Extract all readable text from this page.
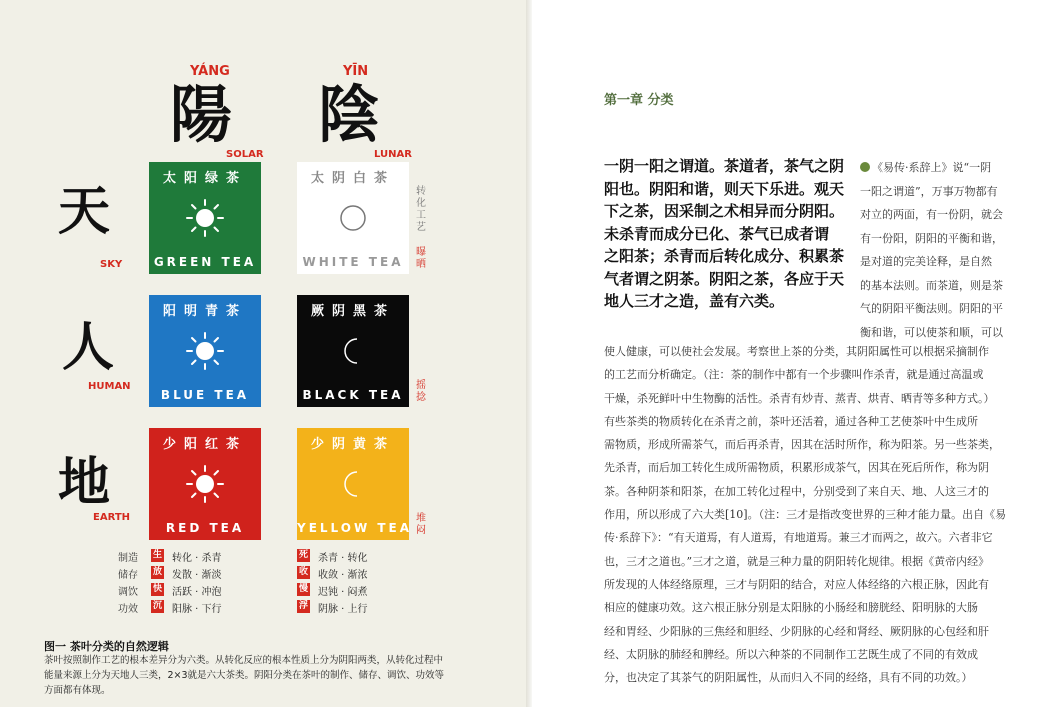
YÁNG
陽
SOLAR
YĪN
陰
LUNAR
天
SKY
人
HUMAN
地
EARTH
太阳绿茶
GREEN TEA
太阴白茶
WHITE TEA
阳明青茶
BLUE TEA
厥阴黑茶
BLACK TEA
少阳红茶
RED TEA
少阴黄茶
YELLOW TEA
转化工艺
曝晒
摇捻
堆闷
制造 生 转化 · 杀青	死 杀青 · 转化
储存 放 发散 · 渐淡	收 收敛 · 渐浓
调饮 快 活跃 · 冲泡	慢 迟钝 · 闷煮
功效 沉 阳脉 · 下行	浮 阴脉 · 上行
图一 茶叶分类的自然逻辑
茶叶按照制作工艺的根本差异分为六类。从转化反应的根本性质上分为阴阳两类，从转化过程中
能量来源上分为天地人三类，2×3就是六大茶类。阴阳分类在茶叶的制作、储存、调饮、功效等
方面都有体现。
第一章 分类
一阴一阳之谓道。茶道者，茶气之阴
阳也。阴阳和谐，则天下乐进。观天
下之茶，因采制之术相异而分阴阳。
未杀青而成分已化、茶气已成者谓
之阳茶；杀青而后转化成分、积累茶
气者谓之阴茶。阴阳之茶，各应于天
地人三才之造，盖有六类。
《易传·系辞上》说“一阴
一阳之谓道”，万事万物都有
对立的两面，有一份阴，就会
有一份阳，阴阳的平衡和谐，
是对道的完美诠释，是自然
的基本法则。而茶道，则是茶
气的阴阳平衡法则。阴阳的平
衡和谐，可以使茶和顺，可以
使人健康，可以使社会发展。考察世上茶的分类，其阴阳属性可以根据采摘制作
的工艺而分析确定。（注：茶的制作中都有一个步骤叫作杀青，就是通过高温或
干燥，杀死鲜叶中生物酶的活性。杀青有炒青、蒸青、烘青、晒青等多种方式。）
有些茶类的物质转化在杀青之前，茶叶还活着，通过各种工艺使茶叶中生成所
需物质，形成所需茶气，而后再杀青，因其在活时所作，称为阳茶。另一些茶类，
先杀青，而后加工转化生成所需物质，积累形成茶气，因其在死后所作，称为阴
茶。各种阴茶和阳茶，在加工转化过程中，分别受到了来自天、地、人这三才的
作用，所以形成了六大类[10]。（注：三才是指改变世界的三种才能力量。出自《易
传·系辞下》：“有天道焉，有人道焉，有地道焉。兼三才而两之，故六。六者非它
也，三才之道也。”三才之道，就是三种力量的阴阳转化规律。根据《黄帝内经》
所发现的人体经络原理，三才与阴阳的结合，对应人体经络的六根正脉，因此有
相应的健康功效。这六根正脉分别是太阳脉的小肠经和膀胱经、阳明脉的大肠
经和胃经、少阳脉的三焦经和胆经、少阴脉的心经和肾经、厥阴脉的心包经和肝
经、太阴脉的肺经和脾经。所以六种茶的不同制作工艺既生成了不同的有效成
分，也决定了其茶气的阴阳属性，从而归入不同的经络，具有不同的功效。）
